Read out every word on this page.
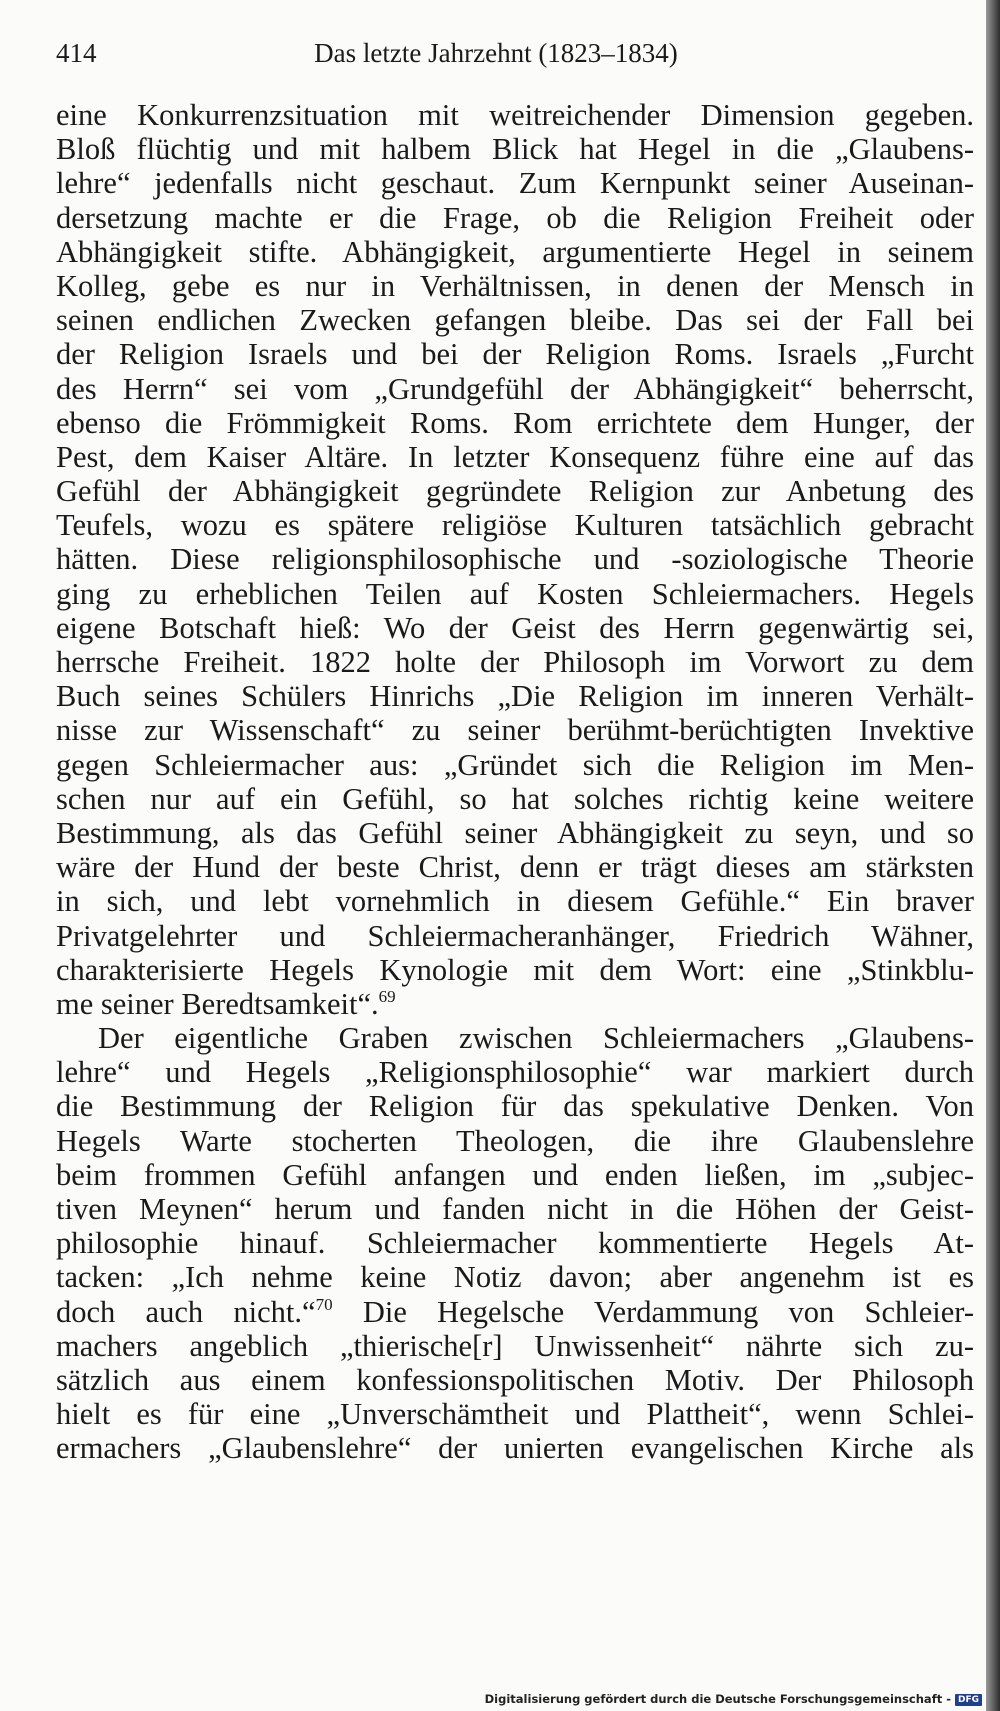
414	Das letzte Jahrzehnt (1823–1834)
eine Konkurrenzsituation mit weitreichender Dimension gegeben.
Bloß flüchtig und mit halbem Blick hat Hegel in die „Glaubens-
lehre“ jedenfalls nicht geschaut. Zum Kernpunkt seiner Auseinan-
dersetzung machte er die Frage, ob die Religion Freiheit oder
Abhängigkeit stifte. Abhängigkeit, argumentierte Hegel in seinem
Kolleg, gebe es nur in Verhältnissen, in denen der Mensch in
seinen endlichen Zwecken gefangen bleibe. Das sei der Fall bei
der Religion Israels und bei der Religion Roms. Israels „Furcht
des Herrn“ sei vom „Grundgefühl der Abhängigkeit“ beherrscht,
ebenso die Frömmigkeit Roms. Rom errichtete dem Hunger, der
Pest, dem Kaiser Altäre. In letzter Konsequenz führe eine auf das
Gefühl der Abhängigkeit gegründete Religion zur Anbetung des
Teufels, wozu es spätere religiöse Kulturen tatsächlich gebracht
hätten. Diese religionsphilosophische und -soziologische Theorie
ging zu erheblichen Teilen auf Kosten Schleiermachers. Hegels
eigene Botschaft hieß: Wo der Geist des Herrn gegenwärtig sei,
herrsche Freiheit. 1822 holte der Philosoph im Vorwort zu dem
Buch seines Schülers Hinrichs „Die Religion im inneren Verhält-
nisse zur Wissenschaft“ zu seiner berühmt-berüchtigten Invektive
gegen Schleiermacher aus: „Gründet sich die Religion im Men-
schen nur auf ein Gefühl, so hat solches richtig keine weitere
Bestimmung, als das Gefühl seiner Abhängigkeit zu seyn, und so
wäre der Hund der beste Christ, denn er trägt dieses am stärksten
in sich, und lebt vornehmlich in diesem Gefühle.“ Ein braver
Privatgelehrter und Schleiermacheranhänger, Friedrich Wähner,
charakterisierte Hegels Kynologie mit dem Wort: eine „Stinkblu-
me seiner Beredtsamkeit“.$^{69}$
Der eigentliche Graben zwischen Schleiermachers „Glaubens-
lehre“ und Hegels „Religionsphilosophie“ war markiert durch
die Bestimmung der Religion für das spekulative Denken. Von
Hegels Warte stocherten Theologen, die ihre Glaubenslehre
beim frommen Gefühl anfangen und enden ließen, im „subjec-
tiven Meynen“ herum und fanden nicht in die Höhen der Geist-
philosophie hinauf. Schleiermacher kommentierte Hegels At-
tacken: „Ich nehme keine Notiz davon; aber angenehm ist es
doch auch nicht.“$^{70}$ Die Hegelsche Verdammung von Schleier-
machers angeblich „thierische[r] Unwissenheit“ nährte sich zu-
sätzlich aus einem konfessionspolitischen Motiv. Der Philosoph
hielt es für eine „Unverschämtheit und Plattheit“, wenn Schlei-
ermachers „Glaubenslehre“ der unierten evangelischen Kirche als
Digitalisierung gefördert durch die Deutsche Forschungsgemeinschaft - DFG
